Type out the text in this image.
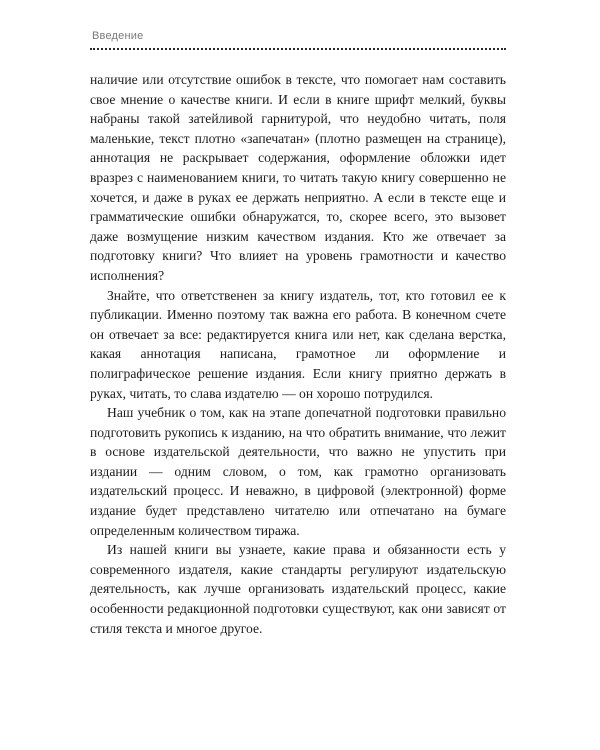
Введение

наличие или отсутствие ошибок в тексте, что помогает нам составить свое мнение о качестве книги. И если в книге шрифт мелкий, буквы набраны такой затейливой гарнитурой, что неудобно читать, поля маленькие, текст плотно «запечатан» (плотно размещен на странице), аннотация не раскрывает содержания, оформление обложки идет вразрез с наименованием книги, то читать такую книгу совершенно не хочется, и даже в руках ее держать неприятно. А если в тексте еще и грамматические ошибки обнаружатся, то, скорее всего, это вызовет даже возмущение низким качеством издания. Кто же отвечает за подготовку книги? Что влияет на уровень грамотности и качество исполнения?

Знайте, что ответственен за книгу издатель, тот, кто готовил ее к публикации. Именно поэтому так важна его работа. В конечном счете он отвечает за все: редактируется книга или нет, как сделана верстка, какая аннотация написана, грамотное ли оформление и полиграфическое решение издания. Если книгу приятно держать в руках, читать, то слава издателю — он хорошо потрудился.

Наш учебник о том, как на этапе допечатной подготовки правильно подготовить рукопись к изданию, на что обратить внимание, что лежит в основе издательской деятельности, что важно не упустить при издании — одним словом, о том, как грамотно организовать издательский процесс. И неважно, в цифровой (электронной) форме издание будет представлено читателю или отпечатано на бумаге определенным количеством тиража.

Из нашей книги вы узнаете, какие права и обязанности есть у современного издателя, какие стандарты регулируют издательскую деятельность, как лучше организовать издательский процесс, какие особенности редакционной подготовки существуют, как они зависят от стиля текста и многое другое.
